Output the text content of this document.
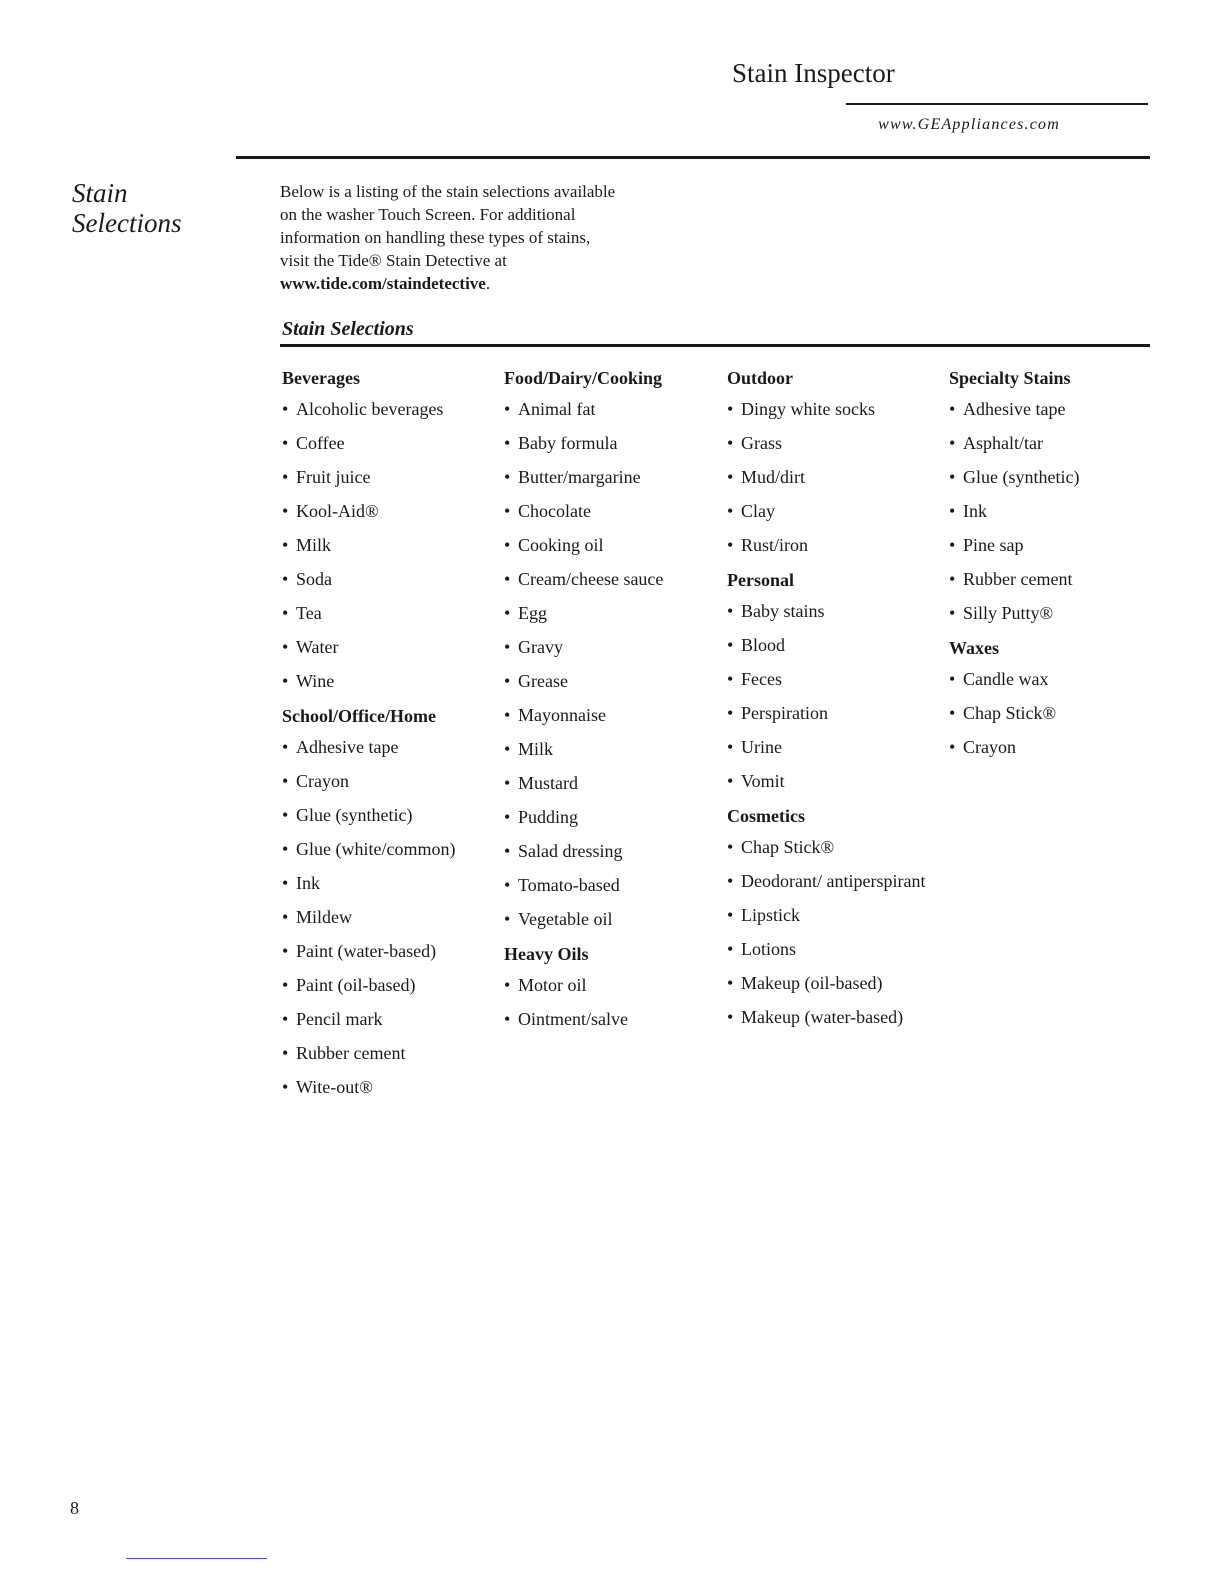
Stain Inspector
www.GEAppliances.com
Stain
Selections
Below is a listing of the stain selections available
on the washer Touch Screen. For additional
information on handling these types of stains,
visit the Tide® Stain Detective at
www.tide.com/staindetective.
Stain Selections
Beverages
• Alcoholic beverages
• Coffee
• Fruit juice
• Kool-Aid®
• Milk
• Soda
• Tea
• Water
• Wine
School/Office/Home
• Adhesive tape
• Crayon
• Glue (synthetic)
• Glue (white/common)
• Ink
• Mildew
• Paint (water-based)
• Paint (oil-based)
• Pencil mark
• Rubber cement
• Wite-out®
Food/Dairy/Cooking
• Animal fat
• Baby formula
• Butter/margarine
• Chocolate
• Cooking oil
• Cream/cheese sauce
• Egg
• Gravy
• Grease
• Mayonnaise
• Milk
• Mustard
• Pudding
• Salad dressing
• Tomato-based
• Vegetable oil
Heavy Oils
• Motor oil
• Ointment/salve
Outdoor
• Dingy white socks
• Grass
• Mud/dirt
• Clay
• Rust/iron
Personal
• Baby stains
• Blood
• Feces
• Perspiration
• Urine
• Vomit
Cosmetics
• Chap Stick®
• Deodorant/ antiperspirant
• Lipstick
• Lotions
• Makeup (oil-based)
• Makeup (water-based)
Specialty Stains
• Adhesive tape
• Asphalt/tar
• Glue (synthetic)
• Ink
• Pine sap
• Rubber cement
• Silly Putty®
Waxes
• Candle wax
• Chap Stick®
• Crayon
8
